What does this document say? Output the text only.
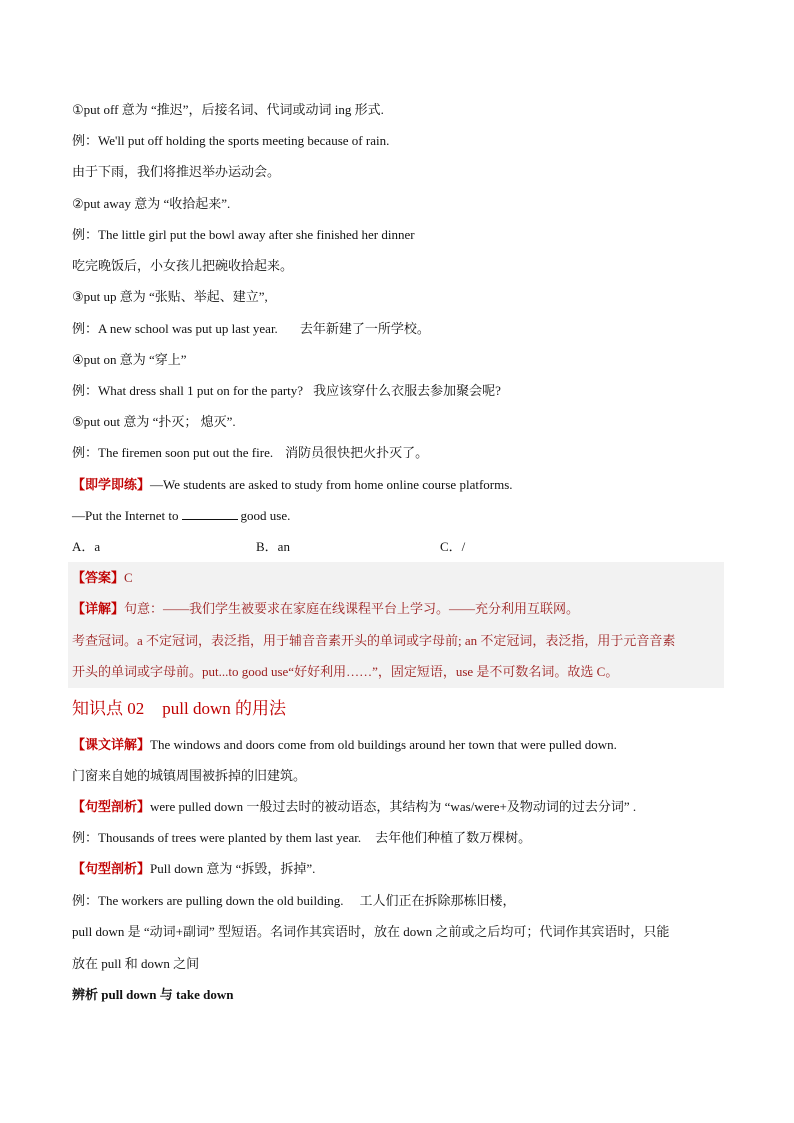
①put off 意为 “推迟”，后接名词、代词或动词 ing 形式.
例：We'll put off holding the sports meeting because of rain.
由于下雨，我们将推迟举办运动会。
②put away 意为 “收拾起来”.
例：The little girl put the bowl away after she finished her dinner
吃完晚饭后，小女孩儿把碗收拾起来。
③put up 意为 “张贴、举起、建立”,
例：A new school was put up last year. 去年新建了一所学校。
④put on 意为 “穿上”
例：What dress shall 1 put on for the party? 我应该穿什么衣服去参加聚会呢?
⑤put out 意为 “扑灭； 熄灭”.
例：The firemen soon put out the fire. 消防员很快把火扑灭了。
【即学即练】—We students are asked to study from home online course platforms.
—Put the Internet to	good use.
A．a	B．an	C．/
【答案】C
【详解】句意：——我们学生被要求在家庭在线课程平台上学习。——充分利用互联网。
考查冠词。a 不定冠词，表泛指，用于辅音音素开头的单词或字母前; an 不定冠词，表泛指，用于元音音素
开头的单词或字母前。put...to good use“好好利用……”，固定短语，use 是不可数名词。故选 C。
知识点 02 pull down 的用法
【课文详解】The windows and doors come from old buildings around her town that were pulled down.
门窗来自她的城镇周围被拆掉的旧建筑。
【句型剖析】were pulled down 一般过去时的被动语态，其结构为 “was/were+及物动词的过去分词” .
例：Thousands of trees were planted by them last year. 去年他们种植了数万棵树。
【句型剖析】Pull down 意为 “拆毁，拆掉”.
例：The workers are pulling down the old building. 工人们正在拆除那栋旧楼，
pull down 是 “动词+副词” 型短语。名词作其宾语时，放在 down 之前或之后均可；代词作其宾语时，只能
放在 pull 和 down 之间
辨析 pull down 与 take down
